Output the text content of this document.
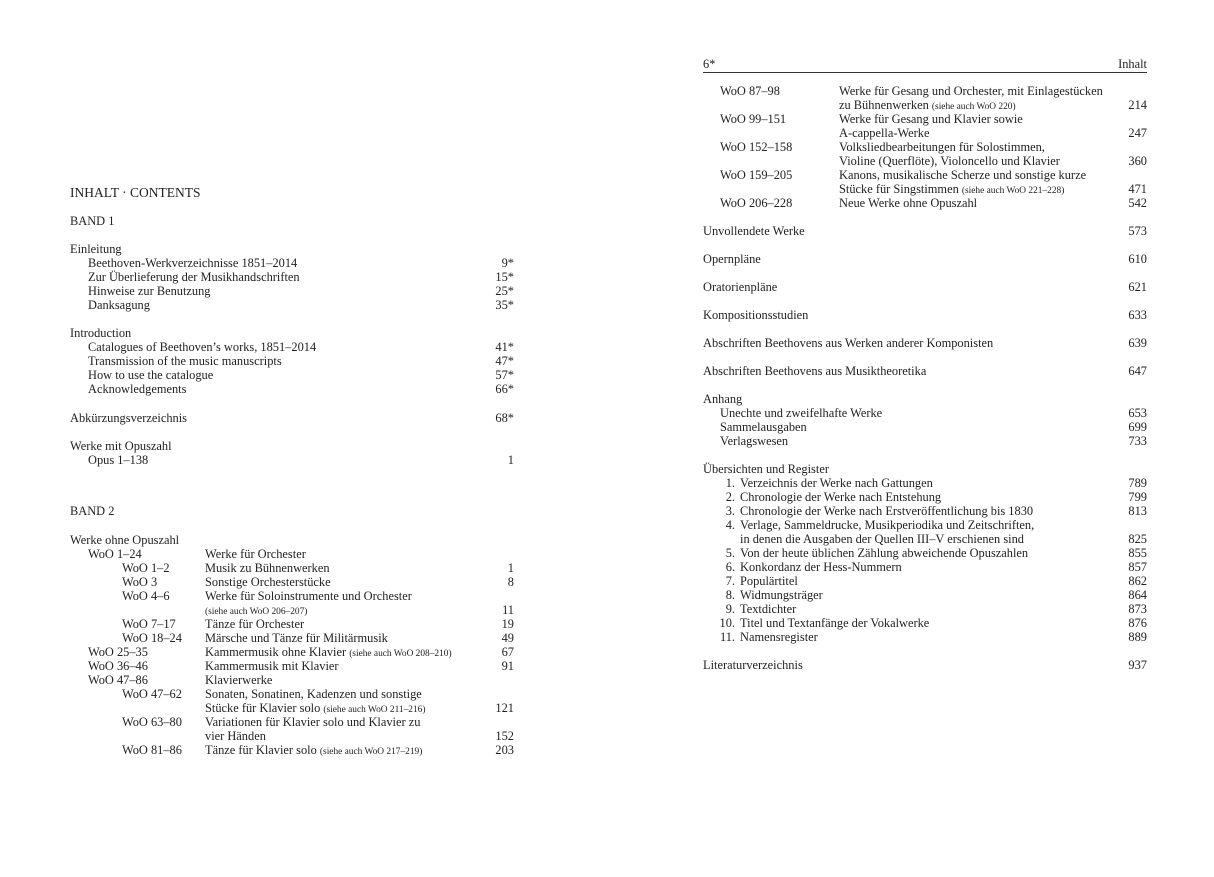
INHALT · CONTENTS
BAND 1
Einleitung
Beethoven-Werkverzeichnisse 1851–2014	9*
Zur Überlieferung der Musikhandschriften	15*
Hinweise zur Benutzung	25*
Danksagung	35*
Introduction
Catalogues of Beethoven’s works, 1851–2014	41*
Transmission of the music manuscripts	47*
How to use the catalogue	57*
Acknowledgements	66*
Abkürzungsverzeichnis	68*
Werke mit Opuszahl
Opus 1–138	1
BAND 2
Werke ohne Opuszahl
WoO 1–24	Werke für Orchester
WoO 1–2	Musik zu Bühnenwerken	1
WoO 3	Sonstige Orchesterstücke	8
WoO 4–6	Werke für Soloinstrumente und Orchester
(siehe auch WoO 206–207)	11
WoO 7–17 Tänze für Orchester	19
WoO 18–24 Märsche und Tänze für Militärmusik	49
WoO 25–35	Kammermusik ohne Klavier (siehe auch WoO 208–210)	67
WoO 36–46	Kammermusik mit Klavier	91
WoO 47–86	Klavierwerke
WoO 47–62 Sonaten, Sonatinen, Kadenzen und sonstige
Stücke für Klavier solo (siehe auch WoO 211–216)	121
WoO 63–80 Variationen für Klavier solo und Klavier zu
vier Händen	152
WoO 81–86 Tänze für Klavier solo (siehe auch WoO 217–219)	203
6*	Inhalt
WoO 87–98	Werke für Gesang und Orchester, mit Einlagestücken
zu Bühnenwerken (siehe auch WoO 220)	214
WoO 99–151	Werke für Gesang und Klavier sowie
A-cappella-Werke	247
WoO 152–158	Volksliedbearbeitungen für Solostimmen,
Violine (Querflöte), Violoncello und Klavier	360
WoO 159–205	Kanons, musikalische Scherze und sonstige kurze
Stücke für Singstimmen (siehe auch WoO 221–228)	471
WoO 206–228	Neue Werke ohne Opuszahl	542
Unvollendete Werke	573
Opernpläne	610
Oratorienpläne	621
Kompositionsstudien	633
Abschriften Beethovens aus Werken anderer Komponisten	639
Abschriften Beethovens aus Musiktheoretika	647
Anhang
Unechte und zweifelhafte Werke	653
Sammelausgaben	699
Verlagswesen	733
Übersichten und Register
1. Verzeichnis der Werke nach Gattungen	789
2. Chronologie der Werke nach Entstehung	799
3. Chronologie der Werke nach Erstveröffentlichung bis 1830	813
4. Verlage, Sammeldrucke, Musikperiodika und Zeitschriften,
in denen die Ausgaben der Quellen III–V erschienen sind	825
5. Von der heute üblichen Zählung abweichende Opuszahlen	855
6. Konkordanz der Hess-Nummern	857
7. Populärtitel	862
8. Widmungsträger	864
9. Textdichter	873
10. Titel und Textanfänge der Vokalwerke	876
11. Namensregister	889
Literaturverzeichnis	937
